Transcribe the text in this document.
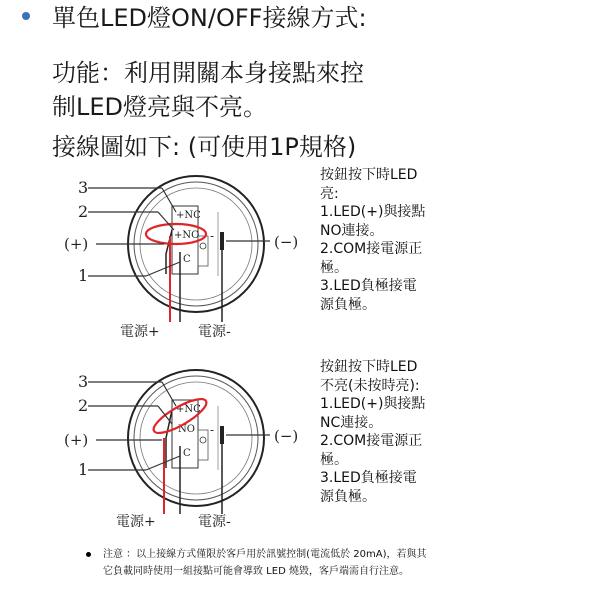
單色LED燈ON/OFF接線方式:
功能：利用開關本身接點來控
制LED燈亮與不亮。
接線圖如下: (可使用1P規格)
-
+NC
+NO
C
3
2
(+)
1
(−)
電源+	電源-
按鈕按下時LED
亮:
1.LED(+)與接點
NO連接。
2.COM接電源正
極。
3.LED負極接電
源負極。
-
+NC
NO
C
3
2
(+)
1
(−)
電源+	電源-
按鈕按下時LED
不亮(未按時亮):
1.LED(+)與接點
NC連接。
2.COM接電源正
極。
3.LED負極接電
源負極。
注意 ：以上接線方式僅限於客戶用於訊號控制(電流低於 20mA)，若與其
它負載同時使用一組接點可能會導致 LED 燒毀，客戶端需自行注意。
